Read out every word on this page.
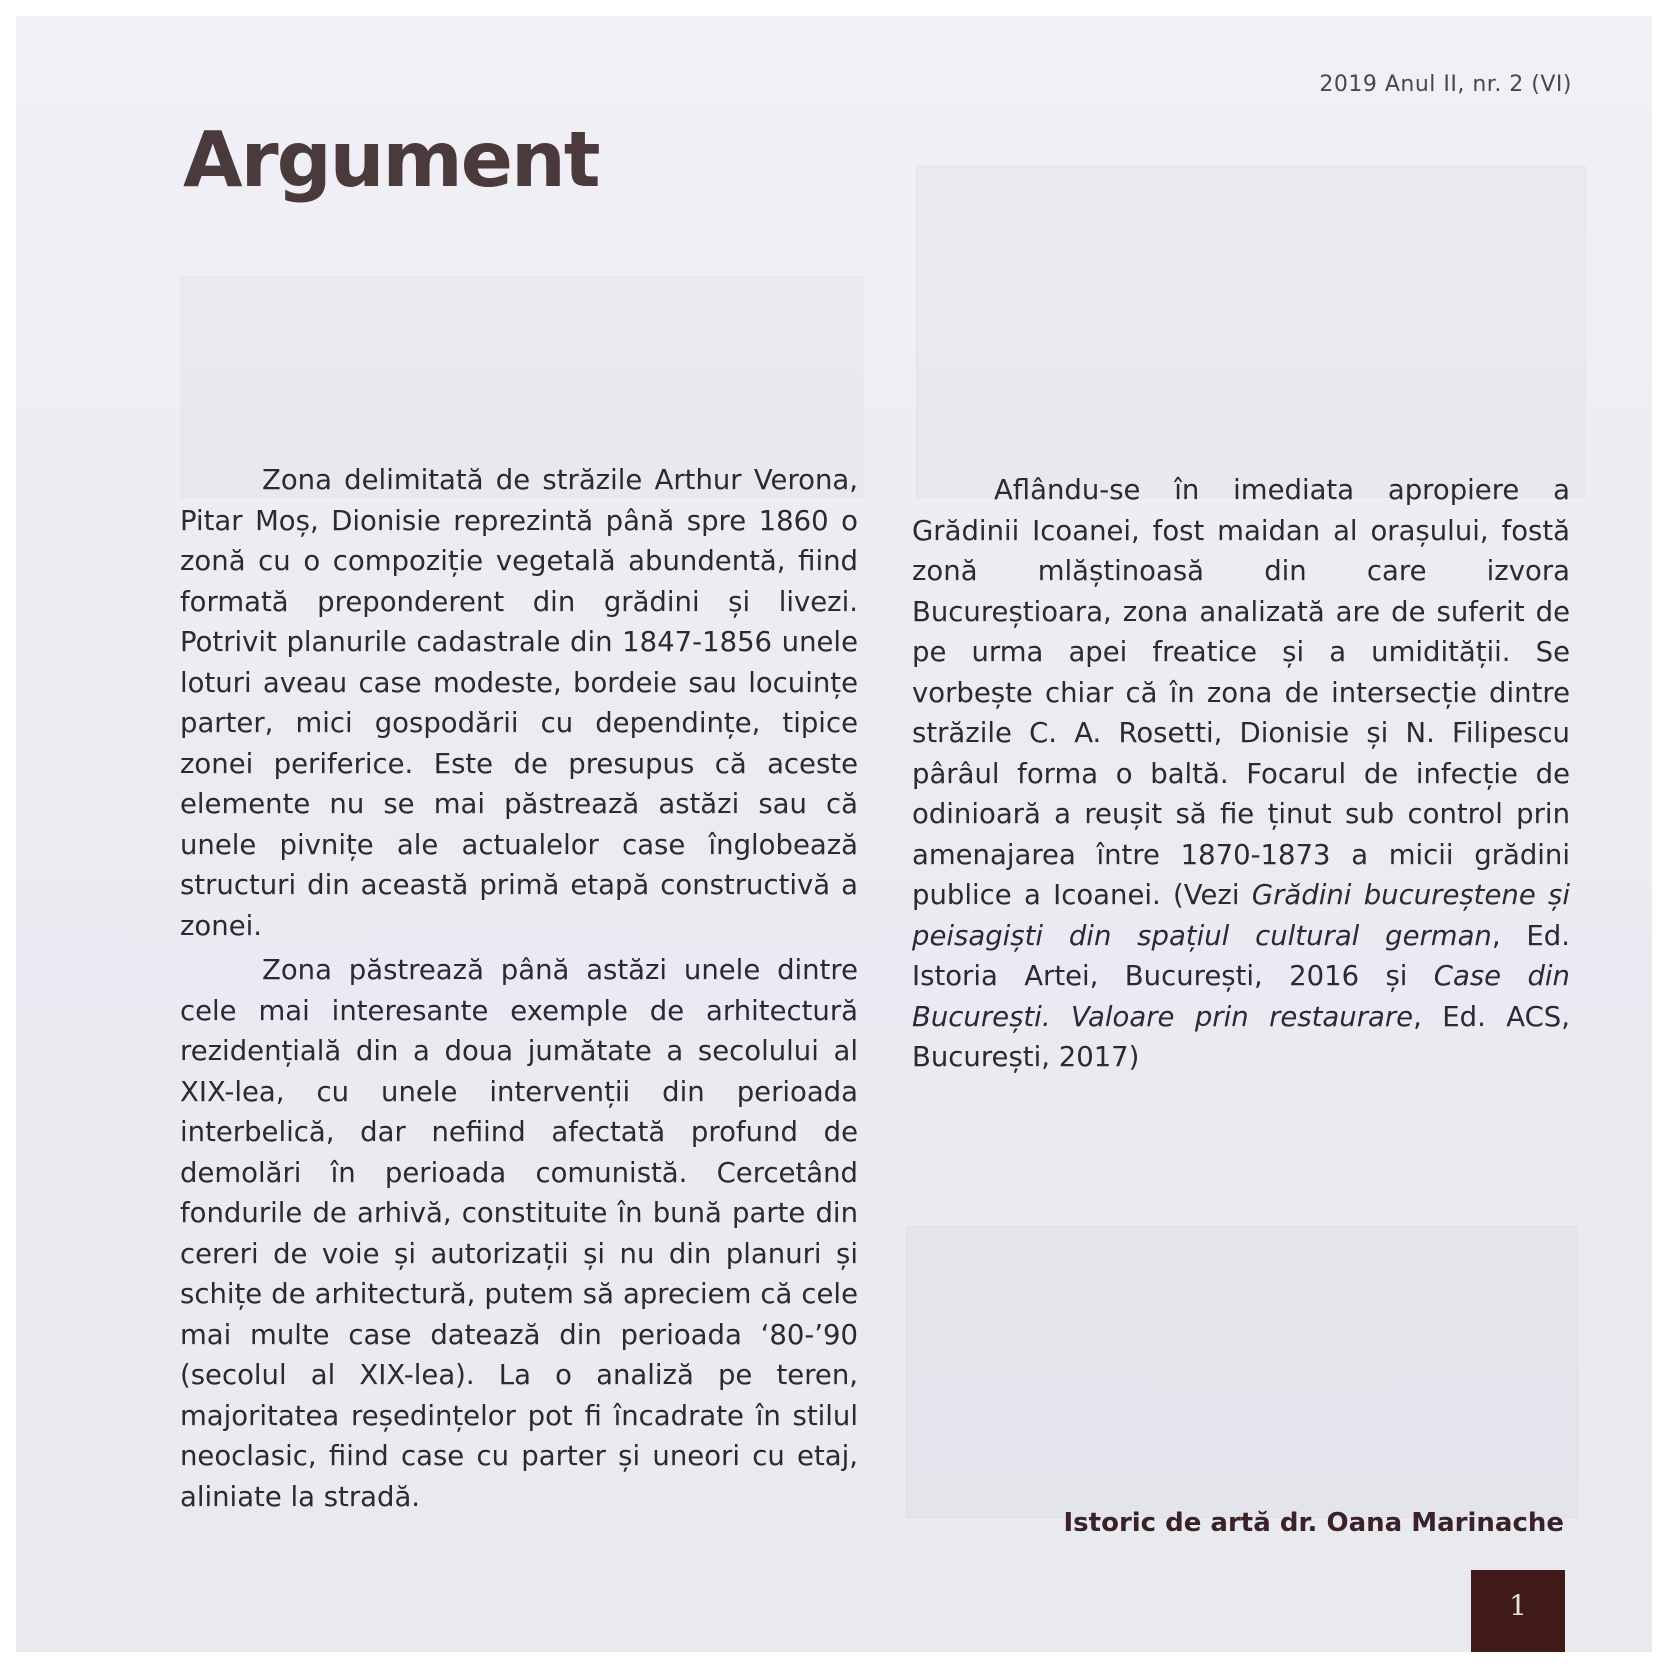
2019 Anul II, nr. 2 (VI)
Argument

Zona delimitată de străzile Arthur Verona, Pitar Moș, Dionisie reprezintă până spre 1860 o zonă cu o compoziție vegetală abundentă, fiind formată preponderent din grădini și livezi. Potrivit planurile cadastrale din 1847-1856 unele loturi aveau case modeste, bordeie sau locuințe parter, mici gospodării cu dependințe, tipice zonei periferice. Este de presupus că aceste elemente nu se mai păstrează astăzi sau că unele pivnițe ale actualelor case înglobează structuri din această primă etapă constructivă a zonei.

Zona păstrează până astăzi unele dintre cele mai interesante exemple de arhitectură rezidențială din a doua jumătate a secolului al XIX-lea, cu unele intervenții din perioada interbelică, dar nefiind afectată profund de demolări în perioada comunistă. Cercetând fondurile de arhivă, constituite în bună parte din cereri de voie și autorizații și nu din planuri și schițe de arhitectură, putem să apreciem că cele mai multe case datează din perioada ‘80-’90 (secolul al XIX-lea). La o analiză pe teren, majoritatea reședințelor pot fi încadrate în stilul neoclasic, fiind case cu parter și uneori cu etaj, aliniate la stradă.

Aflându-se în imediata apropiere a Grădinii Icoanei, fost maidan al orașului, fostă zonă mlăștinoasă din care izvora Bucureștioara, zona analizată are de suferit de pe urma apei freatice și a umidității. Se vorbește chiar că în zona de intersecție dintre străzile C. A. Rosetti, Dionisie și N. Filipescu pârâul forma o baltă. Focarul de infecție de odinioară a reușit să fie ținut sub control prin amenajarea între 1870-1873 a micii grădini publice a Icoanei. (Vezi Grădini bucureștene și peisagiști din spațiul cultural german, Ed. Istoria Artei, București, 2016 și Case din București. Valoare prin restaurare, Ed. ACS, București, 2017)

Istoric de artă dr. Oana Marinache
1
